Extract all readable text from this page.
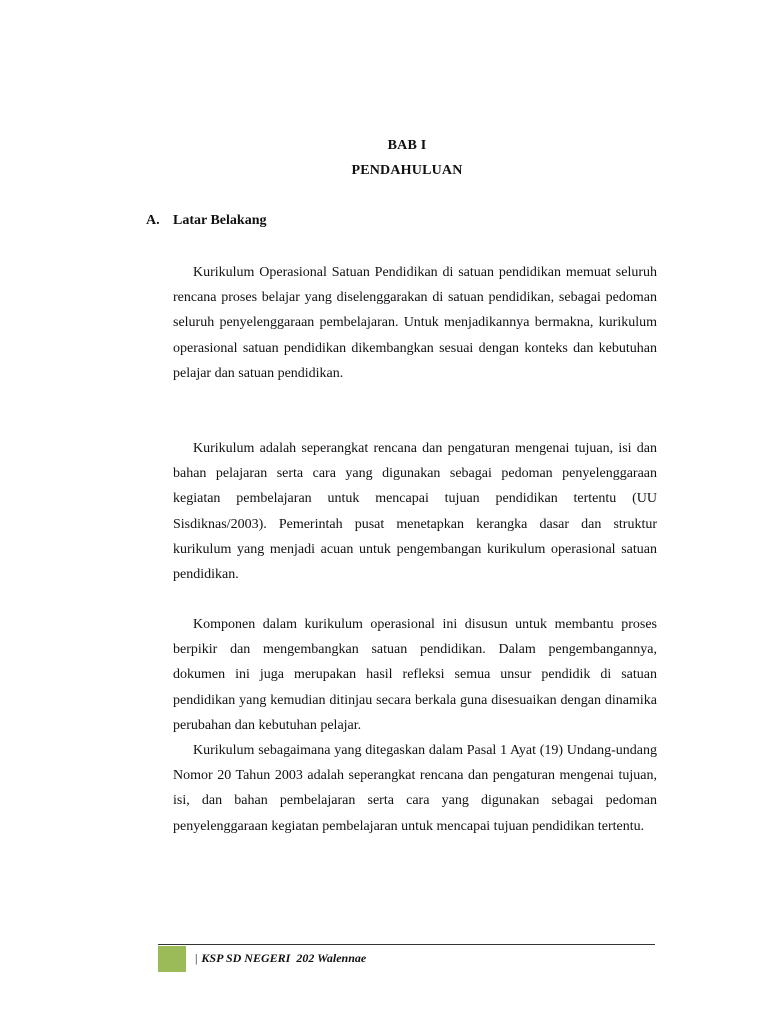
BAB I
PENDAHULUAN
A. Latar Belakang

Kurikulum Operasional Satuan Pendidikan di satuan pendidikan memuat seluruh rencana proses belajar yang diselenggarakan di satuan pendidikan, sebagai pedoman seluruh penyelenggaraan pembelajaran. Untuk menjadikannya bermakna, kurikulum operasional satuan pendidikan dikembangkan sesuai dengan konteks dan kebutuhan pelajar dan satuan pendidikan.

Kurikulum adalah seperangkat rencana dan pengaturan mengenai tujuan, isi dan bahan pelajaran serta cara yang digunakan sebagai pedoman penyelenggaraan kegiatan pembelajaran untuk mencapai tujuan pendidikan tertentu (UU Sisdiknas/2003). Pemerintah pusat menetapkan kerangka dasar dan struktur kurikulum yang menjadi acuan untuk pengembangan kurikulum operasional satuan pendidikan.

Komponen dalam kurikulum operasional ini disusun untuk membantu proses berpikir dan mengembangkan satuan pendidikan. Dalam pengembangannya, dokumen ini juga merupakan hasil refleksi semua unsur pendidik di satuan pendidikan yang kemudian ditinjau secara berkala guna disesuaikan dengan dinamika perubahan dan kebutuhan pelajar.

Kurikulum sebagaimana yang ditegaskan dalam Pasal 1 Ayat (19) Undang-undang Nomor 20 Tahun 2003 adalah seperangkat rencana dan pengaturan mengenai tujuan, isi, dan bahan pembelajaran serta cara yang digunakan sebagai pedoman penyelenggaraan kegiatan pembelajaran untuk mencapai tujuan pendidikan tertentu.

| KSP SD NEGERI  202 Walennae
